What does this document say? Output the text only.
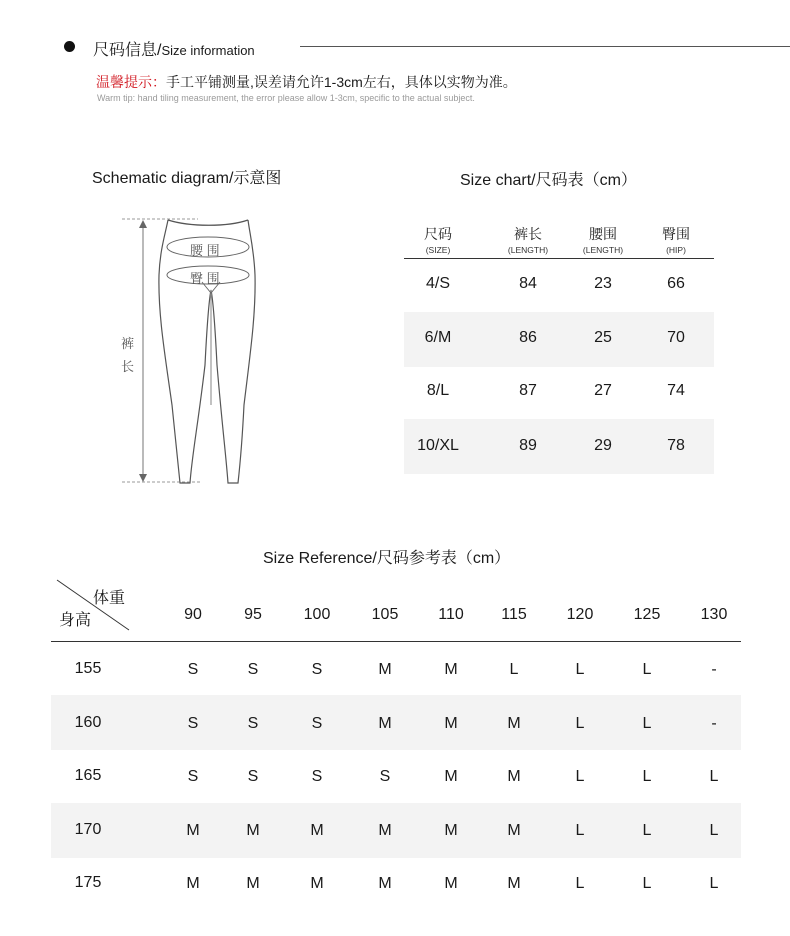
尺码信息/Size information
温馨提示：手工平铺测量,误差请允许1-3cm左右，具体以实物为准。
Warm tip: hand tiling measurement, the error please allow 1-3cm, specific to the actual subject.
Schematic diagram/示意图
腰 围
臀 围
裤
长
Size chart/尺码表（cm）
尺码
(SIZE)
裤长
(LENGTH)
腰围
(LENGTH)
臀围
(HIP)
4/S	84	23	66
6/M	86	25	70
8/L	87	27	74
10/XL	89	29	78
Size Reference/尺码参考表（cm）
体重
身高	90	95	100	105	110	115	120	125	130
155	S	S	S	M	M	L	L	L	-
160	S	S	S	M	M	M	L	L	-
165	S	S	S	S	M	M	L	L	L
170	M	M	M	M	M	M	L	L	L
175	M	M	M	M	M	M	L	L	L
